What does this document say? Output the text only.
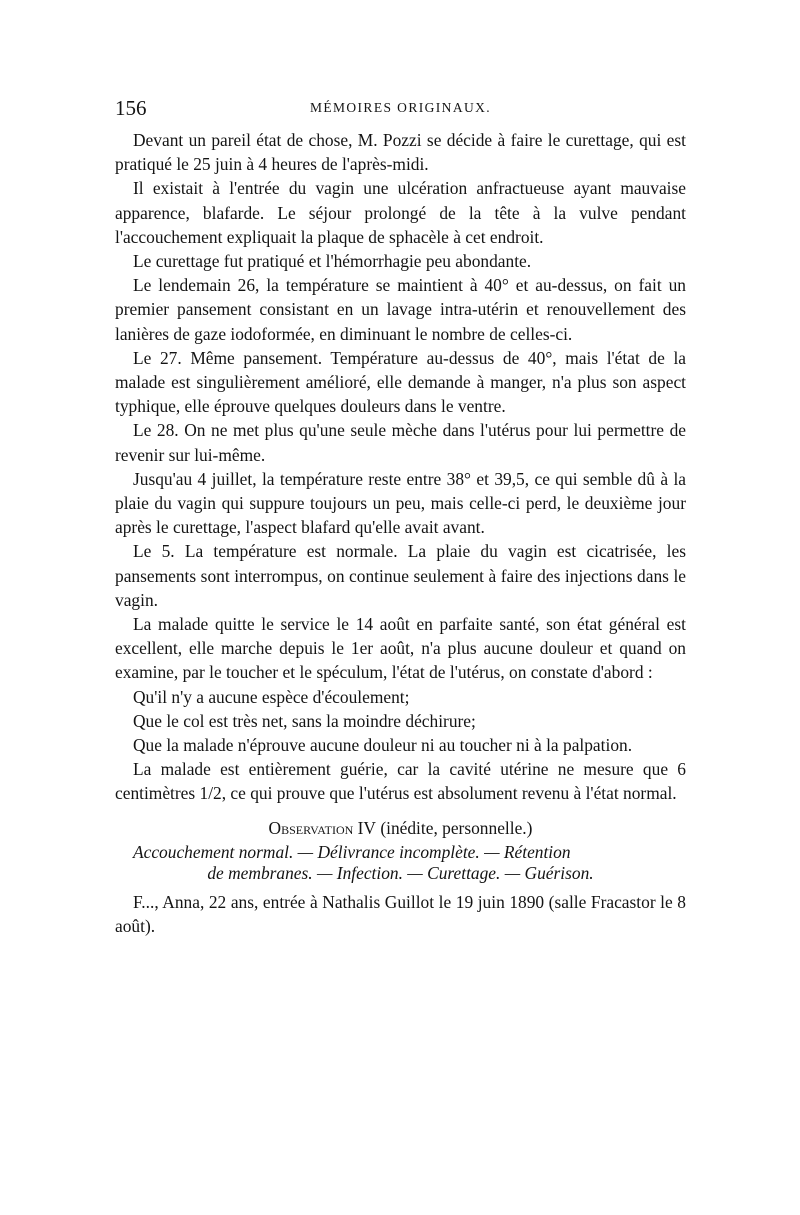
156	MÉMOIRES ORIGINAUX.

Devant un pareil état de chose, M. Pozzi se décide à faire le curettage, qui est pratiqué le 25 juin à 4 heures de l'après-midi.

Il existait à l'entrée du vagin une ulcération anfractueuse ayant mauvaise apparence, blafarde. Le séjour prolongé de la tête à la vulve pendant l'accouchement expliquait la plaque de sphacèle à cet endroit.

Le curettage fut pratiqué et l'hémorrhagie peu abondante.

Le lendemain 26, la température se maintient à 40° et au-dessus, on fait un premier pansement consistant en un lavage intra-utérin et renouvellement des lanières de gaze iodoformée, en diminuant le nombre de celles-ci.

Le 27. Même pansement. Température au-dessus de 40°, mais l'état de la malade est singulièrement amélioré, elle demande à manger, n'a plus son aspect typhique, elle éprouve quelques douleurs dans le ventre.

Le 28. On ne met plus qu'une seule mèche dans l'utérus pour lui permettre de revenir sur lui-même.

Jusqu'au 4 juillet, la température reste entre 38° et 39,5, ce qui semble dû à la plaie du vagin qui suppure toujours un peu, mais celle-ci perd, le deuxième jour après le curettage, l'aspect blafard qu'elle avait avant.

Le 5. La température est normale. La plaie du vagin est cicatrisée, les pansements sont interrompus, on continue seulement à faire des injections dans le vagin.

La malade quitte le service le 14 août en parfaite santé, son état général est excellent, elle marche depuis le 1er août, n'a plus aucune douleur et quand on examine, par le toucher et le spéculum, l'état de l'utérus, on constate d'abord :

Qu'il n'y a aucune espèce d'écoulement;

Que le col est très net, sans la moindre déchirure;

Que la malade n'éprouve aucune douleur ni au toucher ni à la palpation.

La malade est entièrement guérie, car la cavité utérine ne mesure que 6 centimètres 1/2, ce qui prouve que l'utérus est absolument revenu à l'état normal.

Observation IV (inédite, personnelle.)
Accouchement normal. — Délivrance incomplète. — Rétention
de membranes. — Infection. — Curettage. — Guérison.

F..., Anna, 22 ans, entrée à Nathalis Guillot le 19 juin 1890 (salle Fracastor le 8 août).
